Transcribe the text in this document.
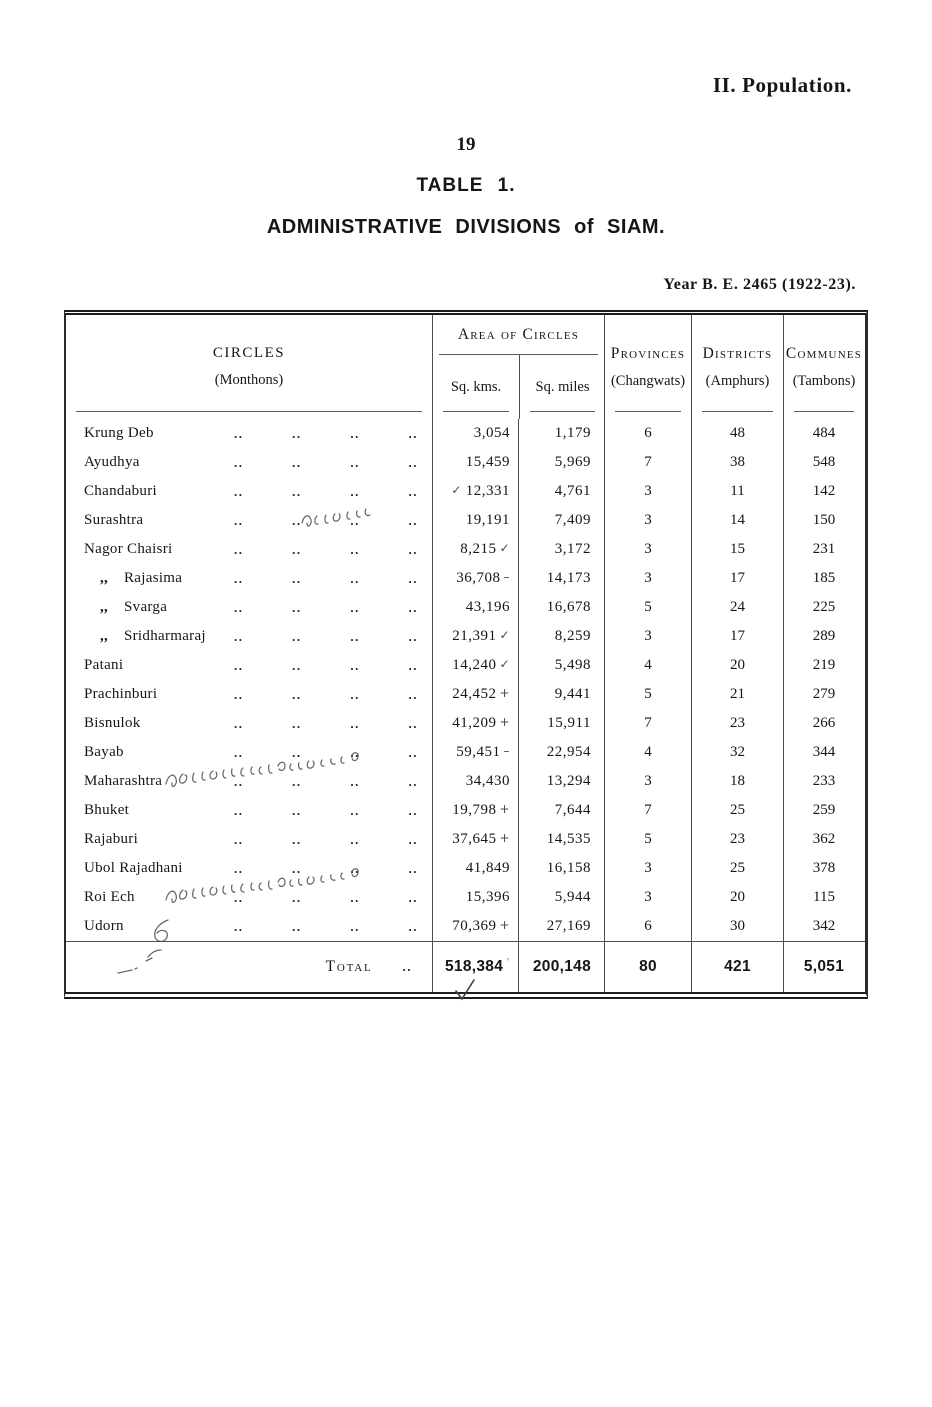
II. Population.
19
TABLE 1.
ADMINISTRATIVE DIVISIONS of SIAM.
Year B. E. 2465 (1922-23).
CIRCLES
(Monthons)
Area of Circles
Sq. kms. Sq. miles
Provinces
(Changwats)
Districts
(Amphurs)
Communes
(Tambons)
Krung Deb	..	..	..	..	3,054	1,179	6	48	484
Ayudhya	..	..	..	..	15,459	5,969	7	38	548
Chandaburi	..	..	..	..	✓ 12,331	4,761	3	11	142
Surashtra	..	..	..	..	19,191	7,409	3	14	150
Nagor Chaisri	..	..	..	..	8,215 ✓	3,172	3	15	231
,,	Rajasima	..	..	..	..	36,708 – 14,173	3	17	185
,,	Svarga	..	..	..	..	43,196 16,678	5	24	225
,,	Sridharmaraj ..	..	..	.. 21,391 ✓	8,259	3	17	289
Patani	..	..	..	.. 14,240 ✓	5,498	4	20	219
Prachinburi	..	..	..	.. 24,452 +	9,441	5	21	279
Bisnulok	..	..	..	.. 41,209 + 15,911	7	23	266
Bayab	..	..	..	..	59,451 – 22,954	4	32	344
Maharashtra	..	..	..	..	34,430 13,294	3	18	233
Bhuket	..	..	..	.. 19,798 +	7,644	7	25	259
Rajaburi	..	..	..	.. 37,645 + 14,535	5	23	362
Ubol Rajadhani	..	..	..	..	41,849 16,158	3	25	378
Roi Ech	..	..	..	..	15,396	5,944	3	20	115
Udorn	..	..	..	.. 70,369 + 27,169	6	30	342
Total .. 518,384 ’ 200,148	80	421	5,051
